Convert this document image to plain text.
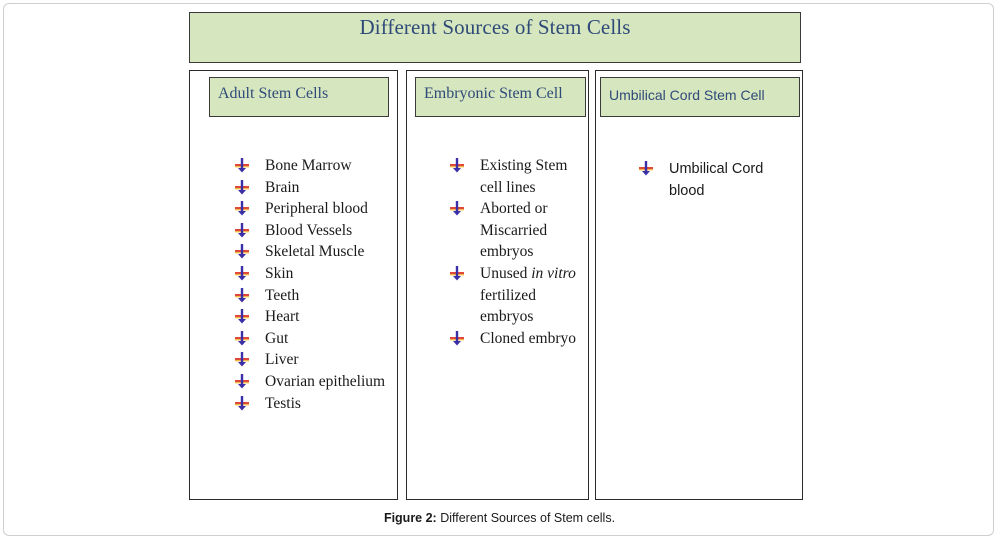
Different Sources of Stem Cells
Adult Stem Cells
Bone Marrow
Brain
Peripheral blood
Blood Vessels
Skeletal Muscle
Skin
Teeth
Heart
Gut
Liver
Ovarian epithelium
Testis
Embryonic Stem Cell
Existing Stem cell lines
Aborted or Miscarried embryos
Unused in vitro fertilized embryos
Cloned embryo
Umbilical Cord Stem Cell
Umbilical Cord blood
Figure 2: Different Sources of Stem cells.
